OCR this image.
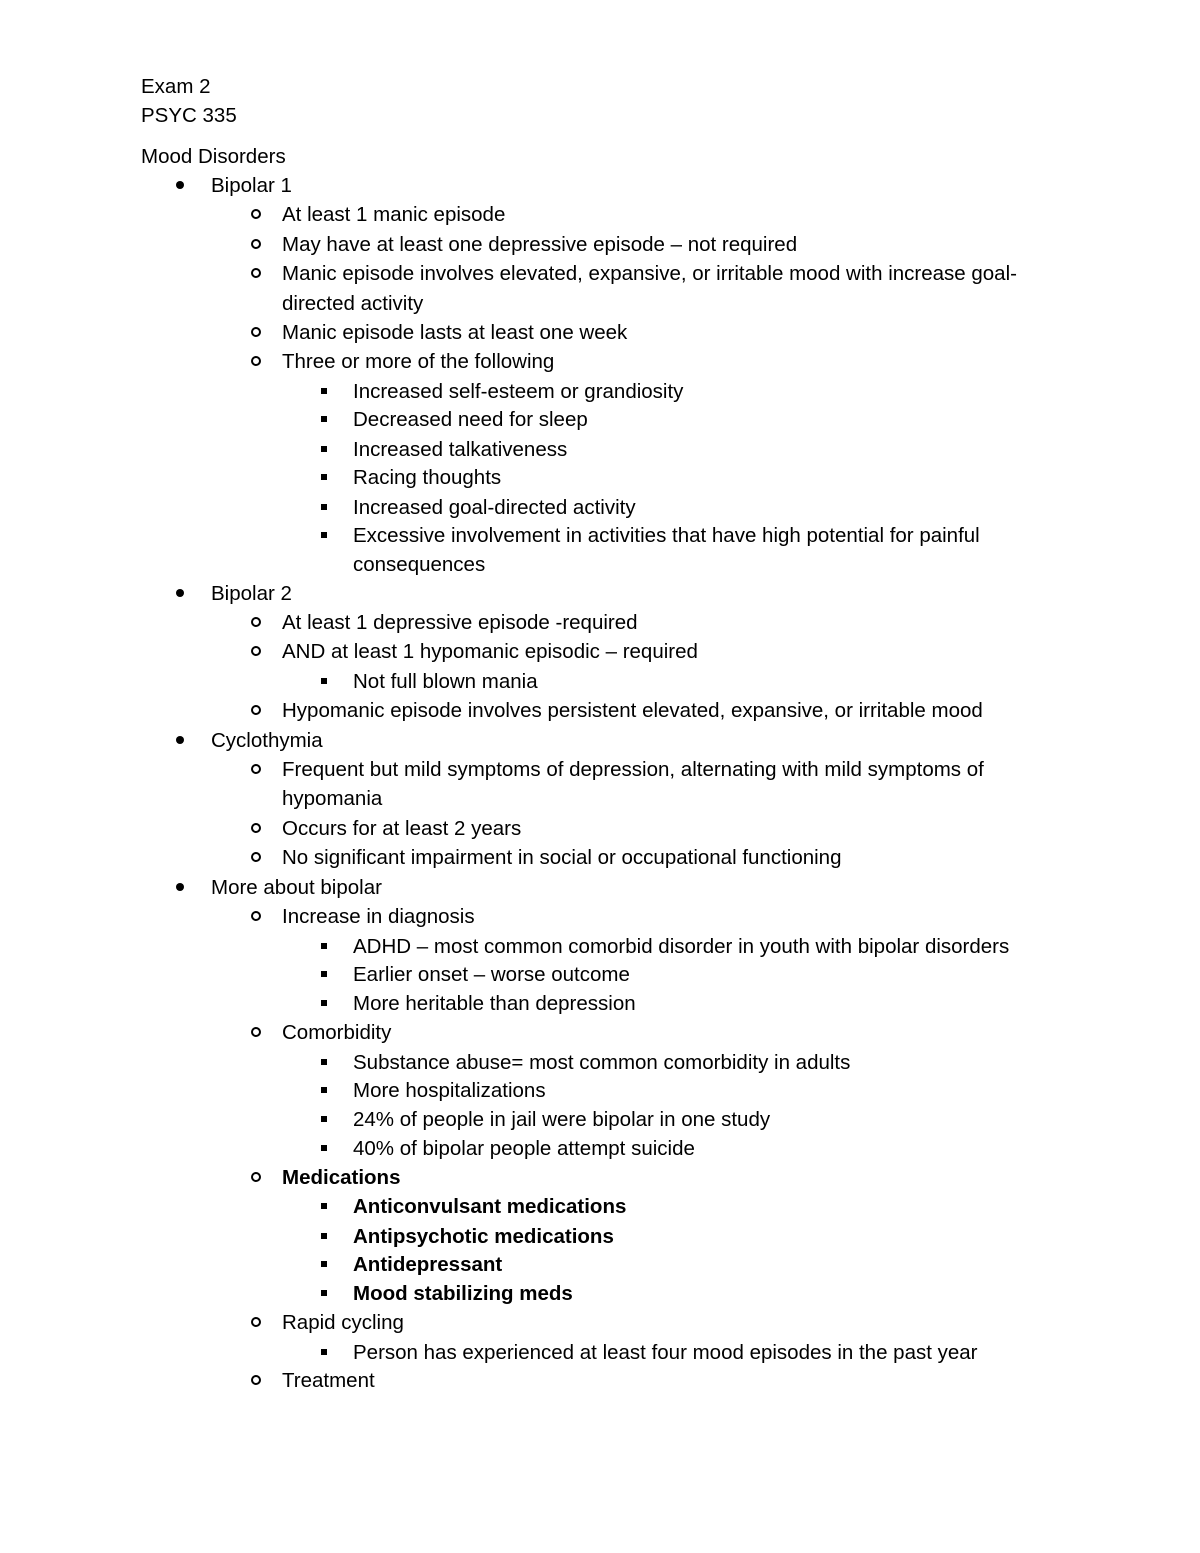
Exam 2
PSYC 335
Mood Disorders
Bipolar 1
At least 1 manic episode
May have at least one depressive episode – not required
Manic episode involves elevated, expansive, or irritable mood with increase goal-
directed activity
Manic episode lasts at least one week
Three or more of the following
Increased self-esteem or grandiosity
Decreased need for sleep
Increased talkativeness
Racing thoughts
Increased goal-directed activity
Excessive involvement in activities that have high potential for painful
consequences
Bipolar 2
At least 1 depressive episode -required
AND at least 1 hypomanic episodic – required
Not full blown mania
Hypomanic episode involves persistent elevated, expansive, or irritable mood
Cyclothymia
Frequent but mild symptoms of depression, alternating with mild symptoms of
hypomania
Occurs for at least 2 years
No significant impairment in social or occupational functioning
More about bipolar
Increase in diagnosis
ADHD – most common comorbid disorder in youth with bipolar disorders
Earlier onset – worse outcome
More heritable than depression
Comorbidity
Substance abuse= most common comorbidity in adults
More hospitalizations
24% of people in jail were bipolar in one study
40% of bipolar people attempt suicide
Medications
Anticonvulsant medications
Antipsychotic medications
Antidepressant
Mood stabilizing meds
Rapid cycling
Person has experienced at least four mood episodes in the past year
Treatment
